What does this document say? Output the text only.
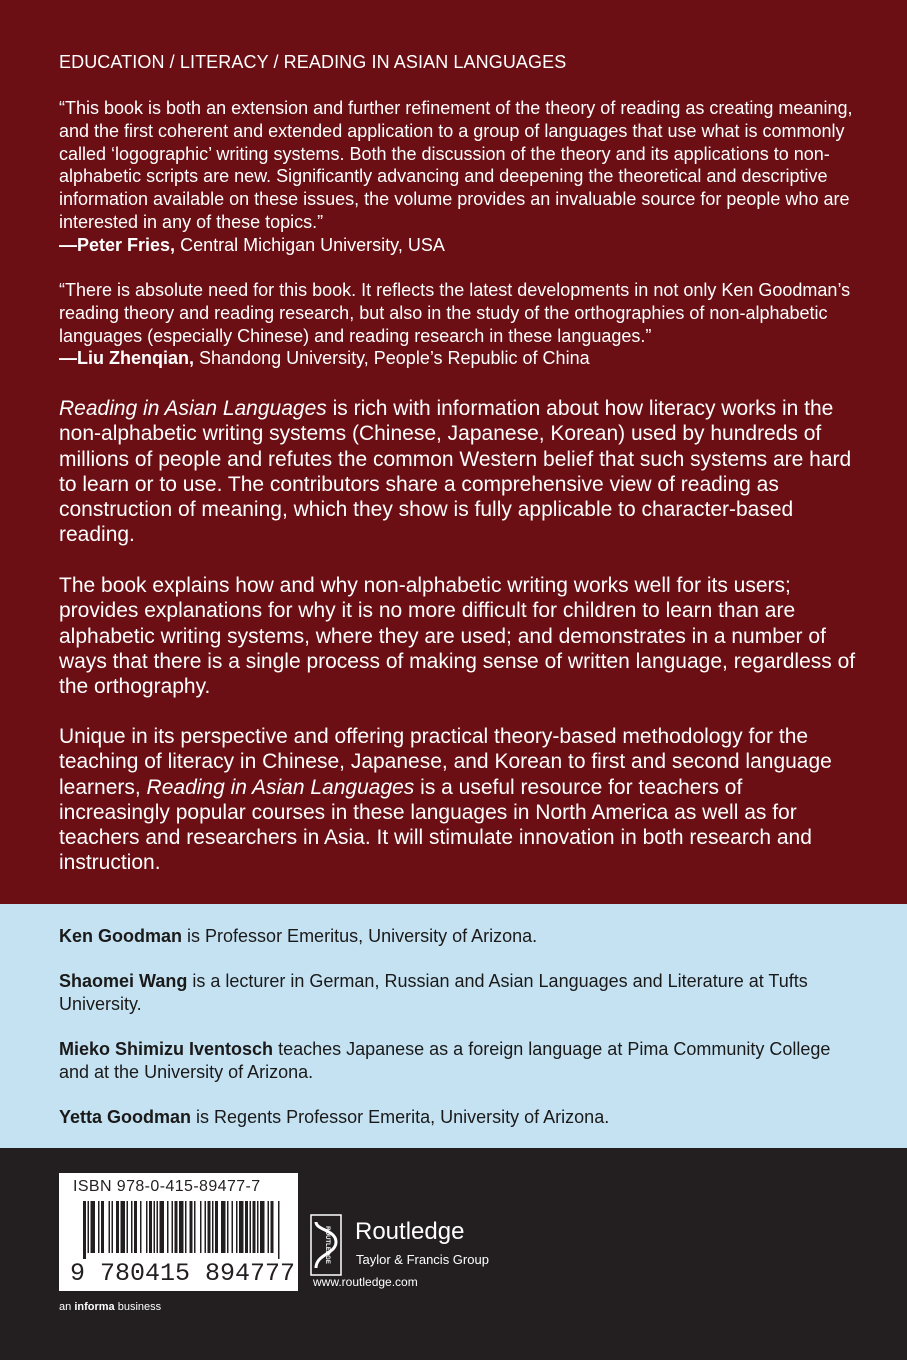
EDUCATION / LITERACY / READING IN ASIAN LANGUAGES

“This book is both an extension and further refinement of the theory of reading as creating meaning, and the first coherent and extended application to a group of languages that use what is commonly called ‘logographic’ writing systems. Both the discussion of the theory and its applications to non-alphabetic scripts are new. Significantly advancing and deepening the theoretical and descriptive information available on these issues, the volume provides an invaluable source for people who are interested in any of these topics.”

—Peter Fries, Central Michigan University, USA

“There is absolute need for this book. It reflects the latest developments in not only Ken Goodman’s reading theory and reading research, but also in the study of the orthographies of non-alphabetic languages (especially Chinese) and reading research in these languages.”

—Liu Zhenqian, Shandong University, People’s Republic of China

Reading in Asian Languages is rich with information about how literacy works in the non-alphabetic writing systems (Chinese, Japanese, Korean) used by hundreds of millions of people and refutes the common Western belief that such systems are hard to learn or to use. The contributors share a comprehensive view of reading as construction of meaning, which they show is fully applicable to character-based reading.

The book explains how and why non-alphabetic writing works well for its users; provides explanations for why it is no more difficult for children to learn than are alphabetic writing systems, where they are used; and demonstrates in a number of ways that there is a single process of making sense of written language, regardless of the orthography.

Unique in its perspective and offering practical theory-based methodology for the teaching of literacy in Chinese, Japanese, and Korean to first and second language learners, Reading in Asian Languages is a useful resource for teachers of increasingly popular courses in these languages in North America as well as for teachers and researchers in Asia. It will stimulate innovation in both research and instruction.

Ken Goodman is Professor Emeritus, University of Arizona.
Shaomei Wang is a lecturer in German, Russian and Asian Languages and Literature at Tufts University.
Mieko Shimizu Iventosch teaches Japanese as a foreign language at Pima Community College and at the University of Arizona.
Yetta Goodman is Regents Professor Emerita, University of Arizona.
ISBN 978-0-415-89477-7
9 780415 894777
an informa business
ROUTLEDGE Routledge
Taylor & Francis Group
www.routledge.com
